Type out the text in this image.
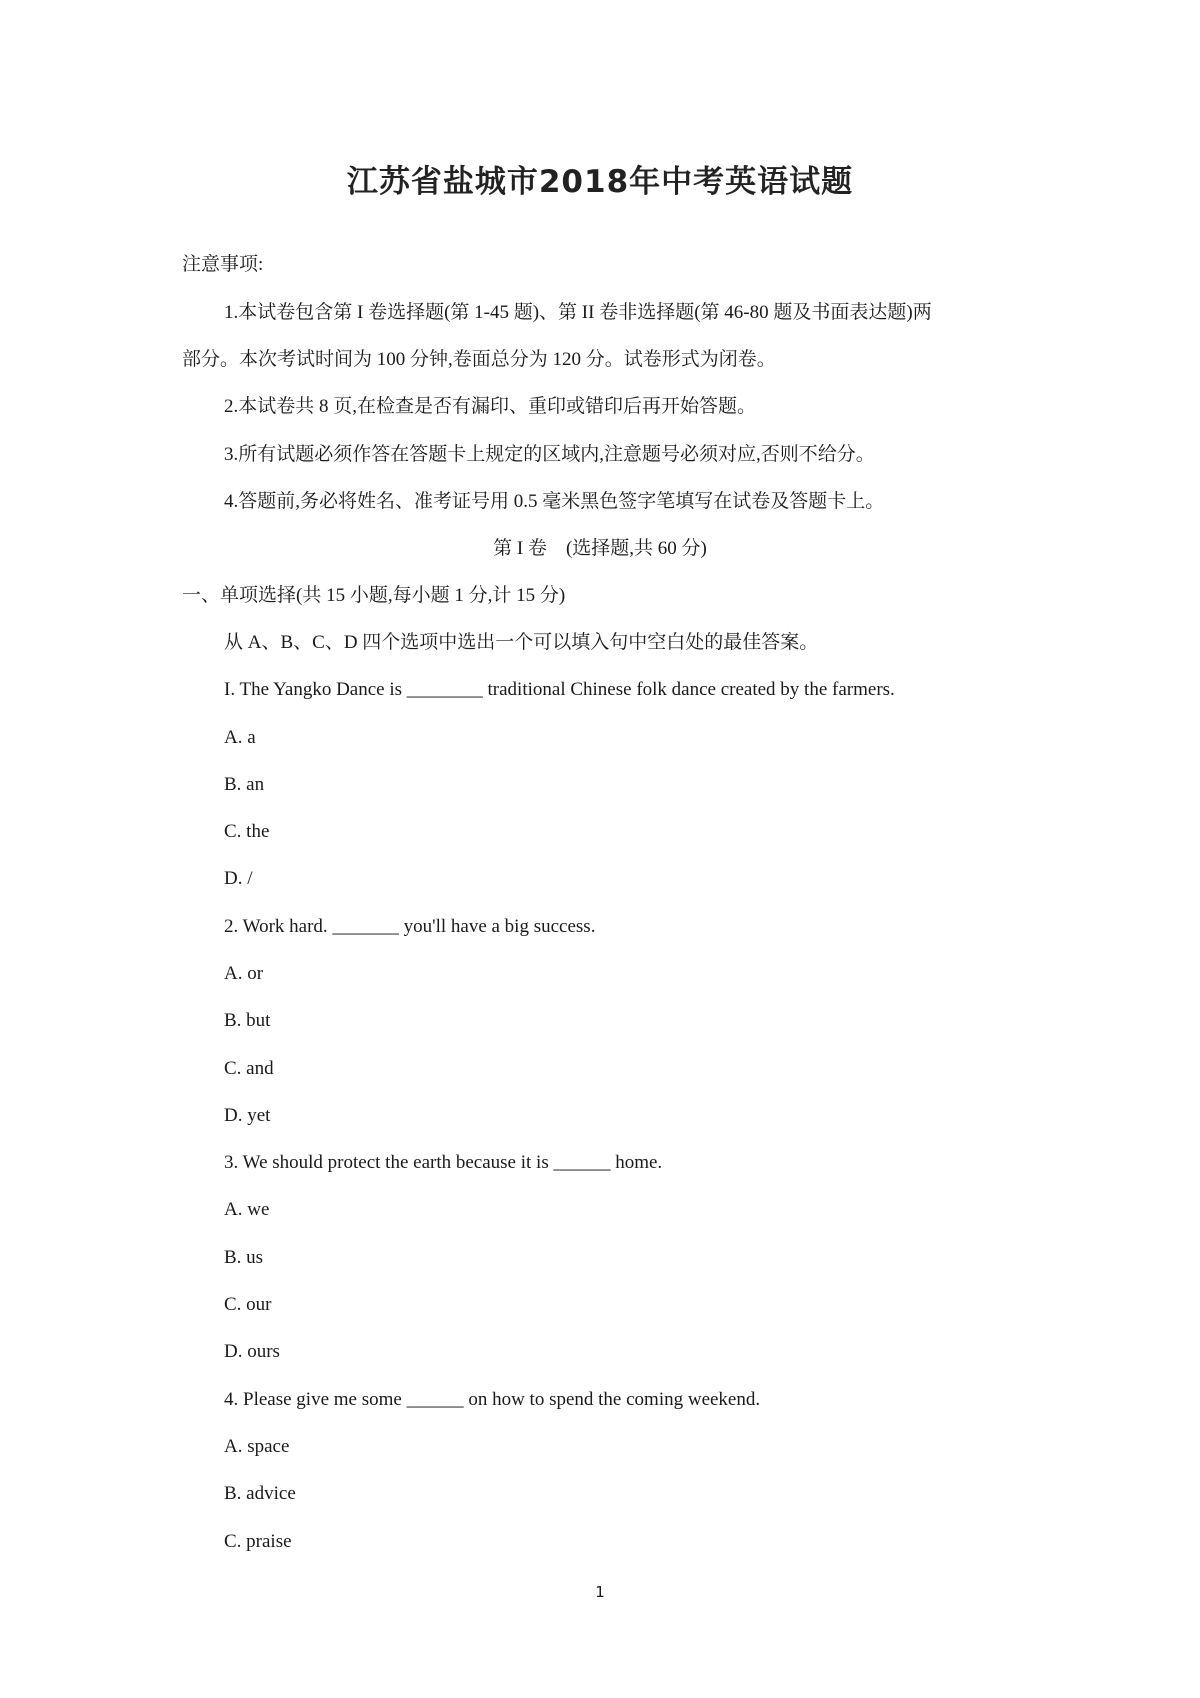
江苏省盐城市2018年中考英语试题

注意事项:

1.本试卷包含第 I 卷选择题(第 1-45 题)、第 II 卷非选择题(第 46-80 题及书面表达题)两

部分。本次考试时间为 100 分钟,卷面总分为 120 分。试卷形式为闭卷。

2.本试卷共 8 页,在检查是否有漏印、重印或错印后再开始答题。

3.所有试题必须作答在答题卡上规定的区域内,注意题号必须对应,否则不给分。

4.答题前,务必将姓名、准考证号用 0.5 毫米黑色签字笔填写在试卷及答题卡上。

第 I 卷　(选择题,共 60 分)

一、单项选择(共 15 小题,每小题 1 分,计 15 分)

从 A、B、C、D 四个选项中选出一个可以填入句中空白处的最佳答案。

I. The Yangko Dance is ________ traditional Chinese folk dance created by the farmers.

A. a

B. an

C. the

D. /

2. Work hard. _______ you'll have a big success.

A. or

B. but

C. and

D. yet

3. We should protect the earth because it is ______ home.

A. we

B. us

C. our

D. ours

4. Please give me some ______ on how to spend the coming weekend.

A. space

B. advice

C. praise

1
